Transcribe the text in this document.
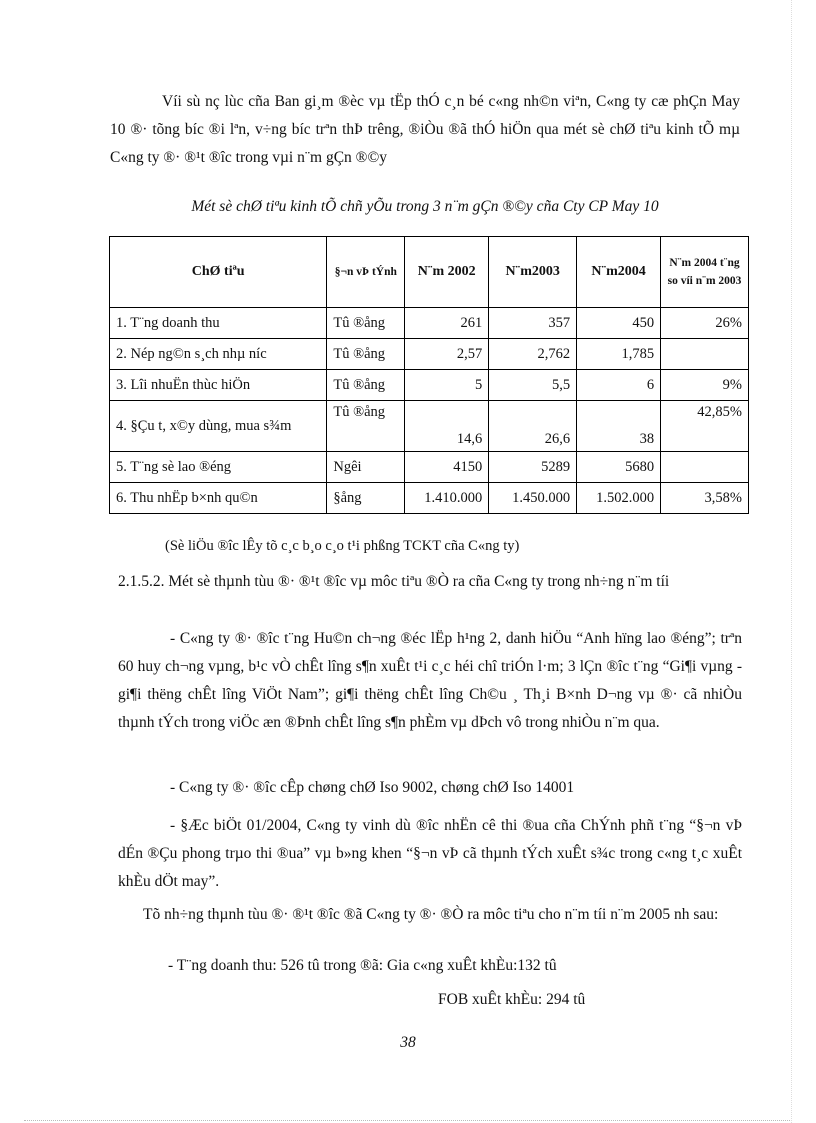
Víi sù nç lùc cña Ban gi¸m ®èc vµ tËp thÓ c¸n bé c«ng nh©n viªn, C«ng ty cæ phÇn May 10 ®· tõng bíc ®i lªn, v÷ng bíc trªn thÞ trêng, ®iÒu ®ã thÓ hiÖn qua mét sè chØ tiªu kinh tÕ mµ C«ng ty ®· ®¹t ®îc trong vµi n¨m gÇn ®©y

Mét sè chØ tiªu kinh tÕ chñ yÕu trong 3 n¨m gÇn ®©y cña Cty CP May 10
ChØ tiªu	§¬n vÞ tÝnh	N¨m 2002	N¨m2003	N¨m2004	N¨m 2004 t¨ng so víi n¨m 2003
1. T¨ng doanh thu	Tû ®ång	261	357	450	26%
2. Nép ng©n s¸ch nhµ níc	Tû ®ång	2,57	2,762	1,785	
3. Lîi nhuËn thùc hiÖn	Tû ®ång	5	5,5	6	9%
4. §Çu t, x©y dùng, mua s¾m	Tû ®ång	14,6	26,6	38	42,85%
5. T¨ng sè lao ®éng	Ngêi	4150	5289	5680	
6. Thu nhËp b×nh qu©n	§ång	1.410.000	1.450.000	1.502.000	3,58%
(Sè liÖu ®îc lÊy tõ c¸c b¸o c¸o t¹i phßng TCKT cña C«ng ty)

2.1.5.2. Mét sè thµnh tùu ®· ®¹t ®îc vµ môc tiªu ®Ò ra cña C«ng ty trong nh÷ng n¨m tíi

- C«ng ty ®· ®îc t¨ng Hu©n ch¬ng ®éc lËp h¹ng 2, danh hiÖu “Anh hïng lao ®éng”; trªn 60 huy ch¬ng vµng, b¹c vÒ chÊt lîng s¶n xuÊt t¹i c¸c héi chî triÓn l·m; 3 lÇn ®îc t¨ng “Gi¶i vµng - gi¶i thëng chÊt lîng ViÖt Nam”; gi¶i thëng chÊt lîng Ch©u ¸ Th¸i B×nh D¬ng vµ ®· cã nhiÒu thµnh tÝch trong viÖc æn ®Þnh chÊt lîng s¶n phÈm vµ dÞch vô trong nhiÒu n¨m qua.

- C«ng ty ®· ®îc cÊp chøng chØ Iso 9002, chøng chØ Iso 14001

- §Æc biÖt 01/2004, C«ng ty vinh dù ®îc nhËn cê thi ®ua cña ChÝnh phñ t¨ng “§¬n vÞ dÉn ®Çu phong trµo thi ®ua” vµ b»ng khen “§¬n vÞ cã thµnh tÝch xuÊt s¾c trong c«ng t¸c xuÊt khÈu dÖt may”.

Tõ nh÷ng thµnh tùu ®· ®¹t ®îc ®ã C«ng ty ®· ®Ò ra môc tiªu cho n¨m tíi n¨m 2005 nh sau:

- T¨ng doanh thu: 526 tû trong ®ã: Gia c«ng xuÊt khÈu:132 tû

FOB xuÊt khÈu: 294 tû

38
